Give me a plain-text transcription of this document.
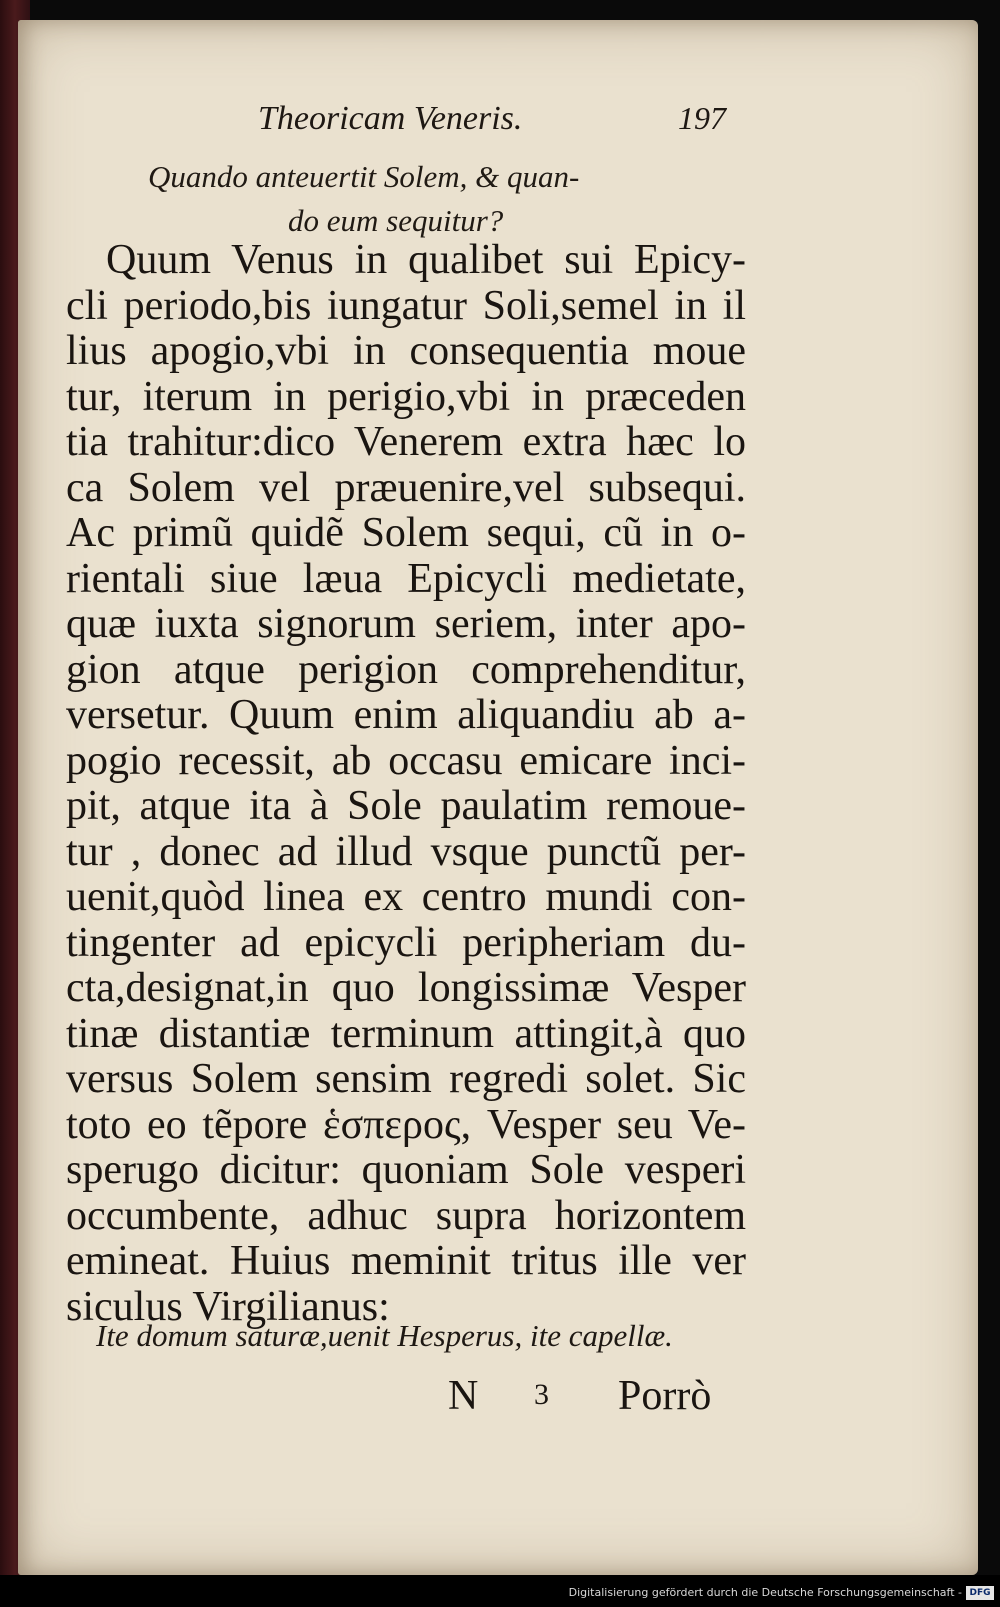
Theoricam Veneris.	197
Quando anteuertit Solem, & quan-
do eum sequitur?
Quum Venus in qualibet sui Epicy-
cli periodo,bis iungatur Soli,semel in il
lius apogio,vbi in consequentia moue
tur, iterum in perigio,vbi in præceden
tia trahitur:dico Venerem extra hæc lo
ca Solem vel præuenire,vel subsequi.
Ac primũ quidẽ Solem sequi, cũ in o-
rientali siue læua Epicycli medietate,
quæ iuxta signorum seriem, inter apo-
gion atque perigion comprehenditur,
versetur. Quum enim aliquandiu ab a-
pogio recessit, ab occasu emicare inci-
pit, atque ita à Sole paulatim remoue-
tur , donec ad illud vsque punctũ per-
uenit,quòd linea ex centro mundi con-
tingenter ad epicycli peripheriam du-
cta,designat,in quo longissimæ Vesper
tinæ distantiæ terminum attingit,à quo
versus Solem sensim regredi solet. Sic
toto eo tẽpore ἑσπερος, Vesper seu Ve-
sperugo dicitur: quoniam Sole vesperi
occumbente, adhuc supra horizontem
emineat. Huius meminit tritus ille ver
siculus Virgilianus:
Ite domum saturæ,uenit Hesperus, ite capellæ.
N 3 Porrò
Digitalisierung gefördert durch die Deutsche Forschungsgemeinschaft - DFG
